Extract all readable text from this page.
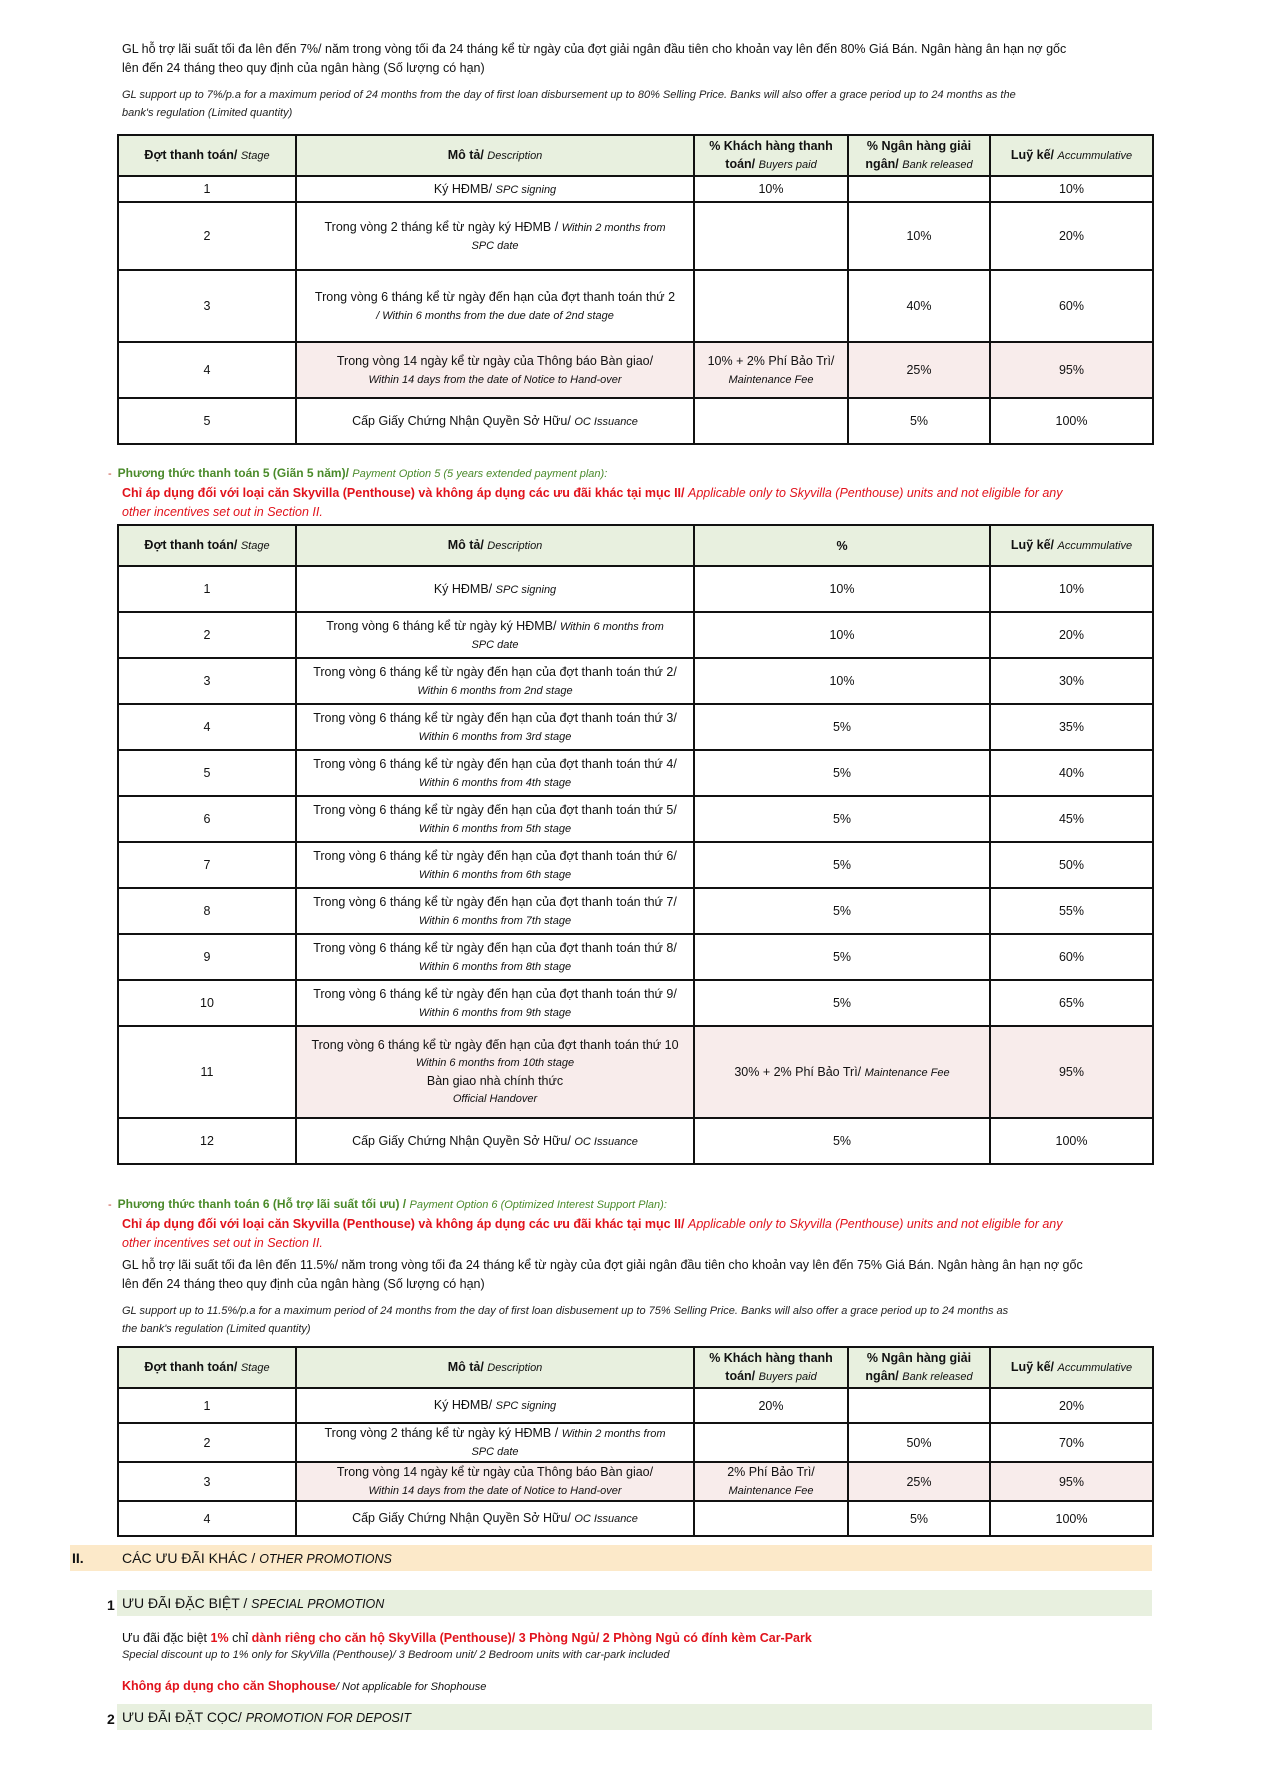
GL hỗ trợ lãi suất tối đa lên đến 7%/ năm trong vòng tối đa 24 tháng kể từ ngày của đợt giải ngân đầu tiên cho khoản vay lên đến 80% Giá Bán. Ngân hàng ân hạn nợ gốc
lên đến 24 tháng theo quy định của ngân hàng (Số lượng có hạn)
GL support up to 7%/p.a for a maximum period of 24 months from the day of first loan disbursement up to 80% Selling Price. Banks will also offer a grace period up to 24 months as the
bank's regulation (Limited quantity)
Đợt thanh toán/ Stage	Mô tả/ Description	% Khách hàng thanh
toán/ Buyers paid	% Ngân hàng giải
ngân/ Bank released	Luỹ kế/ Accummulative
1	Ký HĐMB/ SPC signing	10%		10%
2	Trong vòng 2 tháng kể từ ngày ký HĐMB / Within 2 months from
SPC date		10%	20%
3	Trong vòng 6 tháng kể từ ngày đến hạn của đợt thanh toán thứ 2
/ Within 6 months from the due date of 2nd stage		40%	60%
4	Trong vòng 14 ngày kể từ ngày của Thông báo Bàn giao/
Within 14 days from the date of Notice to Hand-over	10% + 2% Phí Bảo Trì/
Maintenance Fee	25%	95%
5	Cấp Giấy Chứng Nhận Quyền Sở Hữu/ OC Issuance		5%	100%
- Phương thức thanh toán 5 (Giãn 5 năm)/ Payment Option 5 (5 years extended payment plan):
Chỉ áp dụng đối với loại căn Skyvilla (Penthouse) và không áp dụng các ưu đãi khác tại mục II/ Applicable only to Skyvilla (Penthouse) units and not eligible for any
other incentives set out in Section II.
Đợt thanh toán/ Stage	Mô tả/ Description	%	Luỹ kế/ Accummulative
1	Ký HĐMB/ SPC signing	10%	10%
2	Trong vòng 6 tháng kể từ ngày ký HĐMB/ Within 6 months from
SPC date	10%	20%
3	Trong vòng 6 tháng kể từ ngày đến hạn của đợt thanh toán thứ 2/
Within 6 months from 2nd stage	10%	30%
4	Trong vòng 6 tháng kể từ ngày đến hạn của đợt thanh toán thứ 3/
Within 6 months from 3rd stage	5%	35%
5	Trong vòng 6 tháng kể từ ngày đến hạn của đợt thanh toán thứ 4/
Within 6 months from 4th stage	5%	40%
6	Trong vòng 6 tháng kể từ ngày đến hạn của đợt thanh toán thứ 5/
Within 6 months from 5th stage	5%	45%
7	Trong vòng 6 tháng kể từ ngày đến hạn của đợt thanh toán thứ 6/
Within 6 months from 6th stage	5%	50%
8	Trong vòng 6 tháng kể từ ngày đến hạn của đợt thanh toán thứ 7/
Within 6 months from 7th stage	5%	55%
9	Trong vòng 6 tháng kể từ ngày đến hạn của đợt thanh toán thứ 8/
Within 6 months from 8th stage	5%	60%
10	Trong vòng 6 tháng kể từ ngày đến hạn của đợt thanh toán thứ 9/
Within 6 months from 9th stage	5%	65%
11	Trong vòng 6 tháng kể từ ngày đến hạn của đợt thanh toán thứ 10
Within 6 months from 10th stage
Bàn giao nhà chính thức
Official Handover	30% + 2% Phí Bảo Trì/ Maintenance Fee	95%
12	Cấp Giấy Chứng Nhận Quyền Sở Hữu/ OC Issuance	5%	100%
- Phương thức thanh toán 6 (Hỗ trợ lãi suất tối ưu) / Payment Option 6 (Optimized Interest Support Plan):
Chỉ áp dụng đối với loại căn Skyvilla (Penthouse) và không áp dụng các ưu đãi khác tại mục II/ Applicable only to Skyvilla (Penthouse) units and not eligible for any
other incentives set out in Section II.
GL hỗ trợ lãi suất tối đa lên đến 11.5%/ năm trong vòng tối đa 24 tháng kể từ ngày của đợt giải ngân đầu tiên cho khoản vay lên đến 75% Giá Bán. Ngân hàng ân hạn nợ gốc
lên đến 24 tháng theo quy định của ngân hàng (Số lượng có hạn)
GL support up to 11.5%/p.a for a maximum period of 24 months from the day of first loan disbusement up to 75% Selling Price. Banks will also offer a grace period up to 24 months as
the bank's regulation (Limited quantity)
Đợt thanh toán/ Stage	Mô tả/ Description	% Khách hàng thanh
toán/ Buyers paid	% Ngân hàng giải
ngân/ Bank released	Luỹ kế/ Accummulative
1	Ký HĐMB/ SPC signing	20%		20%
2	Trong vòng 2 tháng kể từ ngày ký HĐMB / Within 2 months from
SPC date		50%	70%
3	Trong vòng 14 ngày kể từ ngày của Thông báo Bàn giao/
Within 14 days from the date of Notice to Hand-over	2% Phí Bảo Trì/
Maintenance Fee	25%	95%
4	Cấp Giấy Chứng Nhận Quyền Sở Hữu/ OC Issuance		5%	100%
II.	CÁC ƯU ĐÃI KHÁC / OTHER PROMOTIONS
1 ƯU ĐÃI ĐẶC BIỆT / SPECIAL PROMOTION
Ưu đãi đặc biệt 1% chỉ dành riêng cho căn hộ SkyVilla (Penthouse)/ 3 Phòng Ngủ/ 2 Phòng Ngủ có đính kèm Car-Park
Special discount up to 1% only for SkyVilla (Penthouse)/ 3 Bedroom unit/ 2 Bedroom units with car-park included
Không áp dụng cho căn Shophouse/ Not applicable for Shophouse
2 ƯU ĐÃI ĐẶT CỌC/ PROMOTION FOR DEPOSIT
